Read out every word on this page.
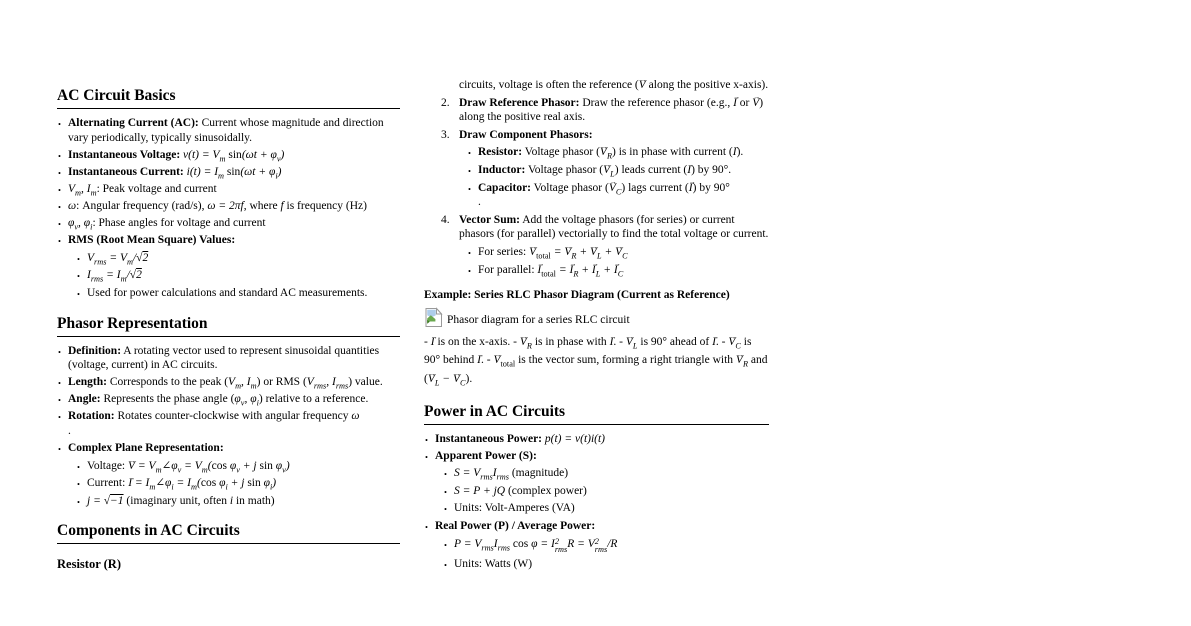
AC Circuit Basics
• Alternating Current (AC): Current whose magnitude and direction vary periodically, typically sinusoidally.
• Instantaneous Voltage: $v(t) = V_m$ $\sin(\omega t + \varphi_v)$
• Instantaneous Current: $i(t) = I_m$ $\sin(\omega t + \varphi_i)$
• $V_m$, $I_m$: Peak voltage and current
• ω: Angular frequency (rad/s), ω = 2πf, where f is frequency (Hz)
• $\varphi_v$, $\varphi_i$: Phase angles for voltage and current
• RMS (Root Mean Square) Values:
• $V_{rms} = V_m/√2$
• $I_{rms} = I_m/√2$
• Used for power calculations and standard AC measurements.
Phasor Representation
• Definition: A rotating vector used to represent sinusoidal quantities (voltage, current) in AC circuits.
• Length: Corresponds to the peak ($V_m$, $I_m$) or RMS ($V_{rms}$, $I_{rms}$) value.
• Angle: Represents the phase angle ($\varphi_v$, $\varphi_i$) relative to a reference.
• Rotation: Rotates counter-clockwise with angular frequency ω
.
• Complex Plane Representation:
• Voltage: V → = $V_m\angle\varphi_v = V_m(\cos$ $\varphi_v + j$ $\sin \varphi_v$)
• Current: I → = $I_m\angle\varphi_i = I_m(\cos$ $\varphi_i + j$ $\sin \varphi_i$)
• j = √−1 (imaginary unit, often i in math)
Components in AC Circuits
Resistor (R)

circuits, voltage is often the reference (V → along the positive x-axis).

2. Draw Reference Phasor: Draw the reference phasor (e.g., I → or V →) along the positive real axis.
3. Draw Component Phasors:
• Resistor: Voltage phasor $(V \to_R)$ is in phase with current (I →).
• Inductor: Voltage phasor $(V \to_L)$ leads current (I →) by 90°.
• Capacitor: Voltage phasor $(V \to_C)$ lags current (I →) by 90°
.
4. Vector Sum: Add the voltage phasors (for series) or current phasors (for parallel) vectorially to find the total voltage or current.
• For series: $V \to_{total} = V \to_R + V \to_L + V \to_C$
• For parallel: $I \to_{total} = I \to_R + I \to_L + I \to_C$

Example: Series RLC Phasor Diagram (Current as Reference)

Phasor diagram for a series RLC circuit

- I → is on the x-axis. - $V \to_R$ is in phase with I →. - $V \to_L$ is 90° ahead of I →. - $V \to_C$ is 90° behind I →. - $V \to_{total}$ is the vector sum, forming a right triangle with $V \to_R$ and $(V \to_L - V \to_C)$.

Power in AC Circuits
• Instantaneous Power: p(t) = v(t)i(t)
• Apparent Power (S):
• $S = V_{rms}I_{rms}$ (magnitude)
• S = P + jQ (complex power)
• Units: Volt-Amperes (VA)
• Real Power (P) / Average Power:
• $P = V_{rms}I_{rms}$ cos φ = I 2
rms
R = V 2
rms
/R
• Units: Watts (W)
